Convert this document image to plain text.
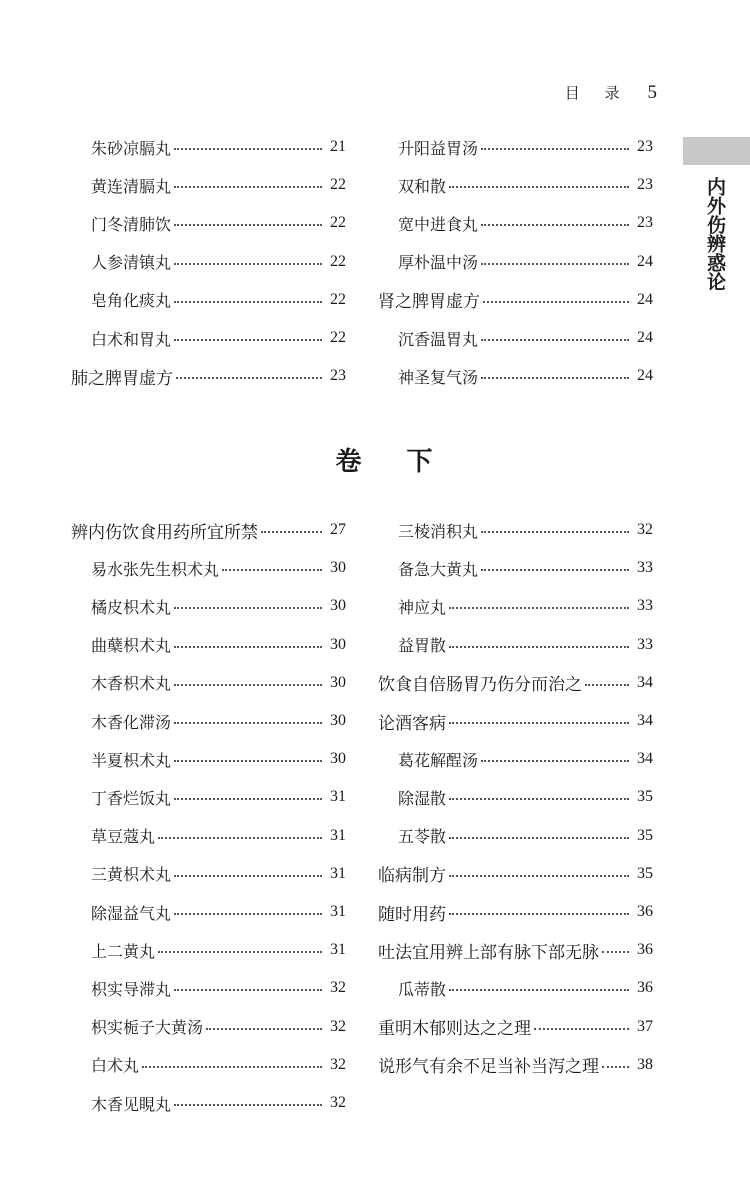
目 录 5
内外伤辨惑论
朱砂凉膈丸	21
黄连清膈丸	22
门冬清肺饮	22
人参清镇丸	22
皂角化痰丸	22
白术和胃丸	22
肺之脾胃虚方	23
升阳益胃汤	23
双和散	23
宽中进食丸	23
厚朴温中汤	24
肾之脾胃虚方	24
沉香温胃丸	24
神圣复气汤	24
卷 下
辨内伤饮食用药所宜所禁	27
易水张先生枳术丸	30
橘皮枳术丸	30
曲蘖枳术丸	30
木香枳术丸	30
木香化滞汤	30
半夏枳术丸	30
丁香烂饭丸	31
草豆蔻丸	31
三黄枳术丸	31
除湿益气丸	31
上二黄丸	31
枳实导滞丸	32
枳实栀子大黄汤	32
白术丸	32
木香见睍丸	32
三棱消积丸	32
备急大黄丸	33
神应丸	33
益胃散	33
饮食自倍肠胃乃伤分而治之	34
论酒客病	34
葛花解酲汤	34
除湿散	35
五苓散	35
临病制方	35
随时用药	36
吐法宜用辨上部有脉下部无脉 36
瓜蒂散	36
重明木郁则达之之理	37
说形气有余不足当补当泻之理 38
